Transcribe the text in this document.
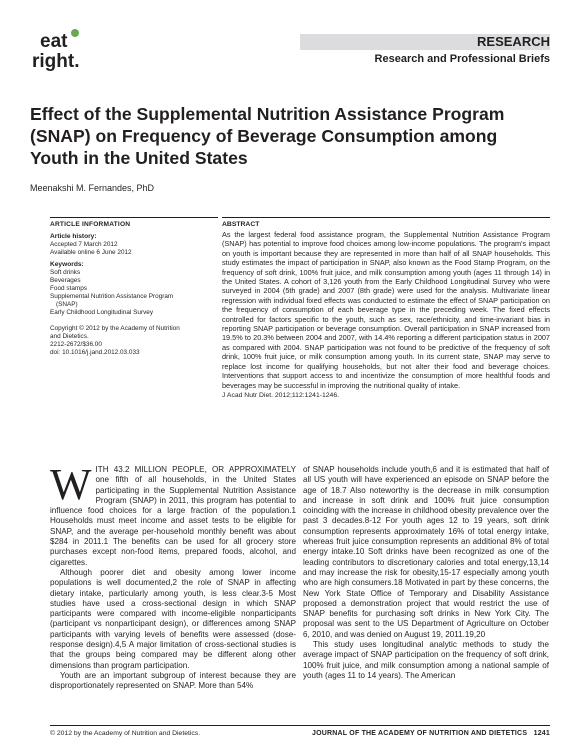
eat
right.
RESEARCH
Research and Professional Briefs
Effect of the Supplemental Nutrition Assistance Program (SNAP) on Frequency of Beverage Consumption among Youth in the United States
Meenakshi M. Fernandes, PhD
ARTICLE INFORMATION
Article history:
Accepted 7 March 2012
Available online 6 June 2012
Keywords:
Soft drinks
Beverages
Food stamps
Supplemental Nutrition Assistance Program
(SNAP)
Early Childhood Longitudinal Survey
Copyright © 2012 by the Academy of Nutrition
and Dietetics.
2212-2672/$36.00
doi: 10.1016/j.jand.2012.03.033
ABSTRACT
As the largest federal food assistance program, the Supplemental Nutrition Assistance Program (SNAP) has potential to improve food choices among low-income populations. The program's impact on youth is important because they are represented in more than half of all SNAP households. This study estimates the impact of participation in SNAP, also known as the Food Stamp Program, on the frequency of soft drink, 100% fruit juice, and milk consumption among youth (ages 11 through 14) in the United States. A cohort of 3,126 youth from the Early Childhood Longitudinal Survey who were surveyed in 2004 (5th grade) and 2007 (8th grade) were used for the analysis. Multivariate linear regression with individual fixed effects was conducted to estimate the effect of SNAP participation on the frequency of consumption of each beverage type in the preceding week. The fixed effects controlled for factors specific to the youth, such as sex, race/ethnicity, and time-invariant bias in reporting SNAP participation or beverage consumption. Overall participation in SNAP increased from 19.5% to 20.3% between 2004 and 2007, with 14.4% reporting a different participation status in 2007 as compared with 2004. SNAP participation was not found to be predictive of the frequency of soft drink, 100% fruit juice, or milk consumption among youth. In its current state, SNAP may serve to replace lost income for qualifying households, but not alter their food and beverage choices. Interventions that support access to and incentivize the consumption of more healthful foods and beverages may be successful in improving the nutritional quality of intake.
J Acad Nutr Diet. 2012;112:1241-1246.
W ITH 43.2 MILLION PEOPLE, OR APPROXIMATELY one fifth of all households, in the United States participating in the Supplemental Nutrition Assistance Program (SNAP) in 2011, this program has potential to influence food choices for a large fraction of the population.1 Households must meet income and asset tests to be eligible for SNAP, and the average per-household monthly benefit was about $284 in 2011.1 The benefits can be used for all grocery store purchases except non-food items, prepared foods, alcohol, and cigarettes.

Although poorer diet and obesity among lower income populations is well documented,2 the role of SNAP in affecting dietary intake, particularly among youth, is less clear.3-5 Most studies have used a cross-sectional design in which SNAP participants were compared with income-eligible nonparticipants (participant vs nonparticipant design), or differences among SNAP participants with varying levels of benefits were assessed (dose-response design).4,5 A major limitation of cross-sectional studies is that the groups being compared may be different along other dimensions than program participation.

Youth are an important subgroup of interest because they are disproportionately represented on SNAP. More than 54%

of SNAP households include youth,6 and it is estimated that half of all US youth will have experienced an episode on SNAP before the age of 18.7 Also noteworthy is the decrease in milk consumption and increase in soft drink and 100% fruit juice consumption coinciding with the increase in childhood obesity prevalence over the past 3 decades.8-12 For youth ages 12 to 19 years, soft drink consumption represents approximately 16% of total energy intake, whereas fruit juice consumption represents an additional 8% of total energy intake.10 Soft drinks have been recognized as one of the leading contributors to discretionary calories and total energy,13,14 and may increase the risk for obesity,15-17 especially among youth who are high consumers.18 Motivated in part by these concerns, the New York State Office of Temporary and Disability Assistance proposed a demonstration project that would restrict the use of SNAP benefits for purchasing soft drinks in New York City. The proposal was sent to the US Department of Agriculture on October 6, 2010, and was denied on August 19, 2011.19,20

This study uses longitudinal analytic methods to study the average impact of SNAP participation on the frequency of soft drink, 100% fruit juice, and milk consumption among a national sample of youth (ages 11 to 14 years). The American

© 2012 by the Academy of Nutrition and Dietetics.	JOURNAL OF THE ACADEMY OF NUTRITION AND DIETETICS 1241
